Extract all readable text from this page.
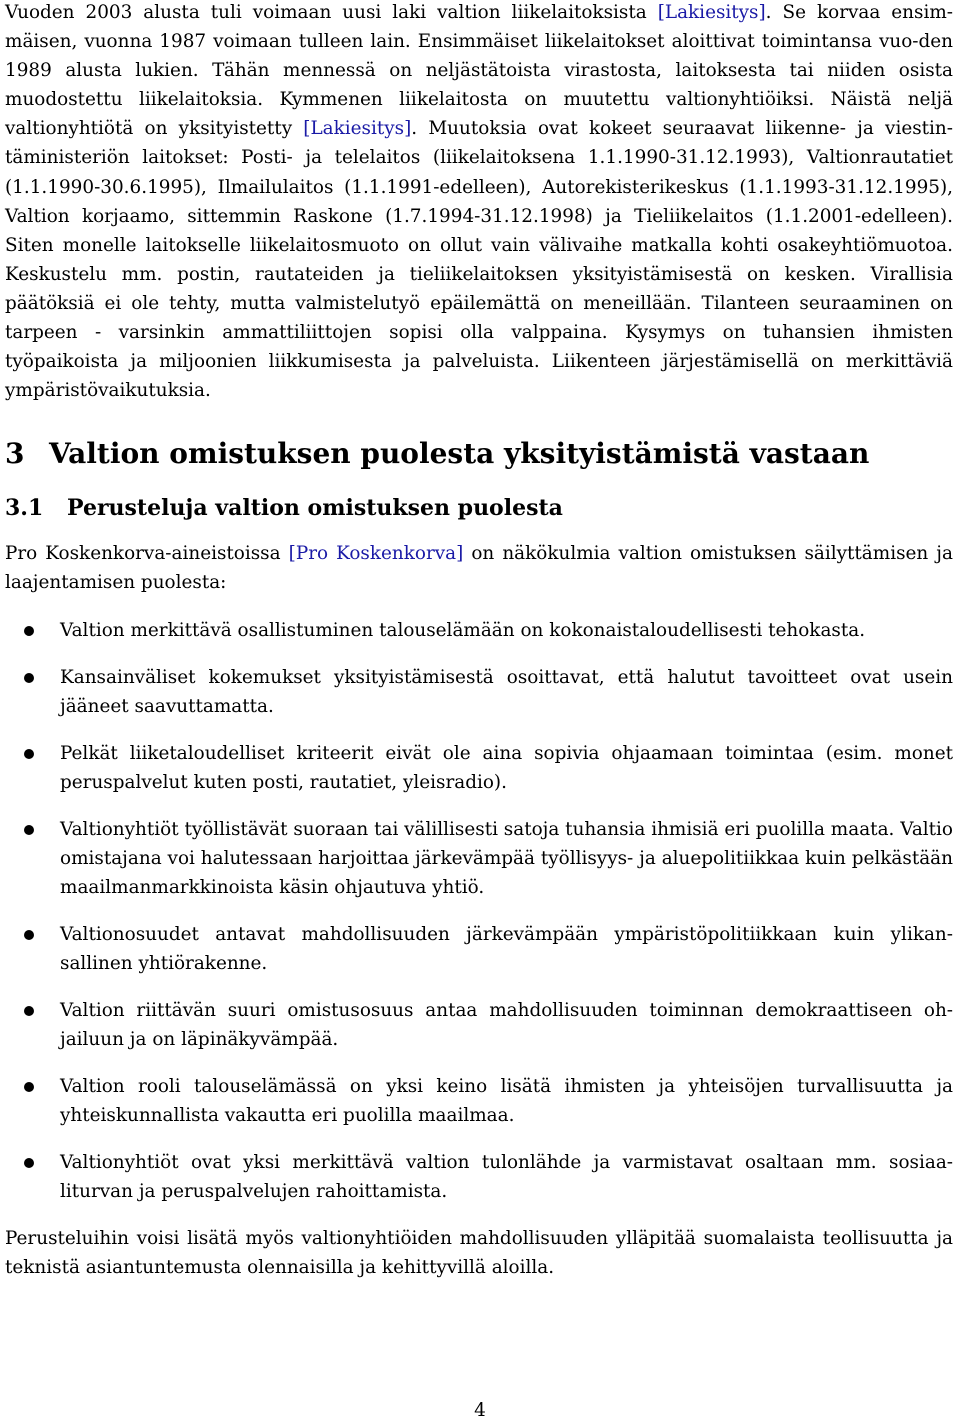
Vuoden 2003 alusta tuli voimaan uusi laki valtion liikelaitoksista [Lakiesitys]. Se korvaa ensim-mäisen, vuonna 1987 voimaan tulleen lain. Ensimmäiset liikelaitokset aloittivat toimintansa vuo-den 1989 alusta lukien. Tähän mennessä on neljästätoista virastosta, laitoksesta tai niiden osista muodostettu liikelaitoksia. Kymmenen liikelaitosta on muutettu valtionyhtiöiksi. Näistä neljä valtionyhtiötä on yksityistetty [Lakiesitys]. Muutoksia ovat kokeet seuraavat liikenne- ja viestin-täministeriön laitokset: Posti- ja telelaitos (liikelaitoksena 1.1.1990-31.12.1993), Valtionrautatiet (1.1.1990-30.6.1995), Ilmailulaitos (1.1.1991-edelleen), Autorekisterikeskus (1.1.1993-31.12.1995), Valtion korjaamo, sittemmin Raskone (1.7.1994-31.12.1998) ja Tieliikelaitos (1.1.2001-edelleen). Siten monelle laitokselle liikelaitosmuoto on ollut vain välivaihe matkalla kohti osakeyhtiömuotoa. Keskustelu mm. postin, rautateiden ja tieliikelaitoksen yksityistämisestä on kesken. Virallisia päätöksiä ei ole tehty, mutta valmistelutyö epäilemättä on meneillään. Tilanteen seuraaminen on tarpeen - varsinkin ammattiliittojen sopisi olla valppaina. Kysymys on tuhansien ihmisten työpaikoista ja miljoonien liikkumisesta ja palveluista. Liikenteen järjestämisellä on merkittäviä ympäristövaikutuksia.

3 Valtion omistuksen puolesta yksityistämistä vastaan
3.1 Perusteluja valtion omistuksen puolesta

Pro Koskenkorva-aineistoissa [Pro Koskenkorva] on näkökulmia valtion omistuksen säilyttämisen ja laajentamisen puolesta:

Valtion merkittävä osallistuminen talouselämään on kokonaistaloudellisesti tehokasta.

Kansainväliset kokemukset yksityistämisestä osoittavat, että halutut tavoitteet ovat usein jääneet saavuttamatta.

Pelkät liiketaloudelliset kriteerit eivät ole aina sopivia ohjaamaan toimintaa (esim. monet peruspalvelut kuten posti, rautatiet, yleisradio).

Valtionyhtiöt työllistävät suoraan tai välillisesti satoja tuhansia ihmisiä eri puolilla maata. Valtio omistajana voi halutessaan harjoittaa järkevämpää työllisyys- ja aluepolitiikkaa kuin pelkästään maailmanmarkkinoista käsin ohjautuva yhtiö.

Valtionosuudet antavat mahdollisuuden järkevämpään ympäristöpolitiikkaan kuin ylikan-sallinen yhtiörakenne.

Valtion riittävän suuri omistusosuus antaa mahdollisuuden toiminnan demokraattiseen oh-jailuun ja on läpinäkyvämpää.

Valtion rooli talouselämässä on yksi keino lisätä ihmisten ja yhteisöjen turvallisuutta ja yhteiskunnallista vakautta eri puolilla maailmaa.

Valtionyhtiöt ovat yksi merkittävä valtion tulonlähde ja varmistavat osaltaan mm. sosiaa-liturvan ja peruspalvelujen rahoittamista.

Perusteluihin voisi lisätä myös valtionyhtiöiden mahdollisuuden ylläpitää suomalaista teollisuutta ja teknistä asiantuntemusta olennaisilla ja kehittyvillä aloilla.

4
